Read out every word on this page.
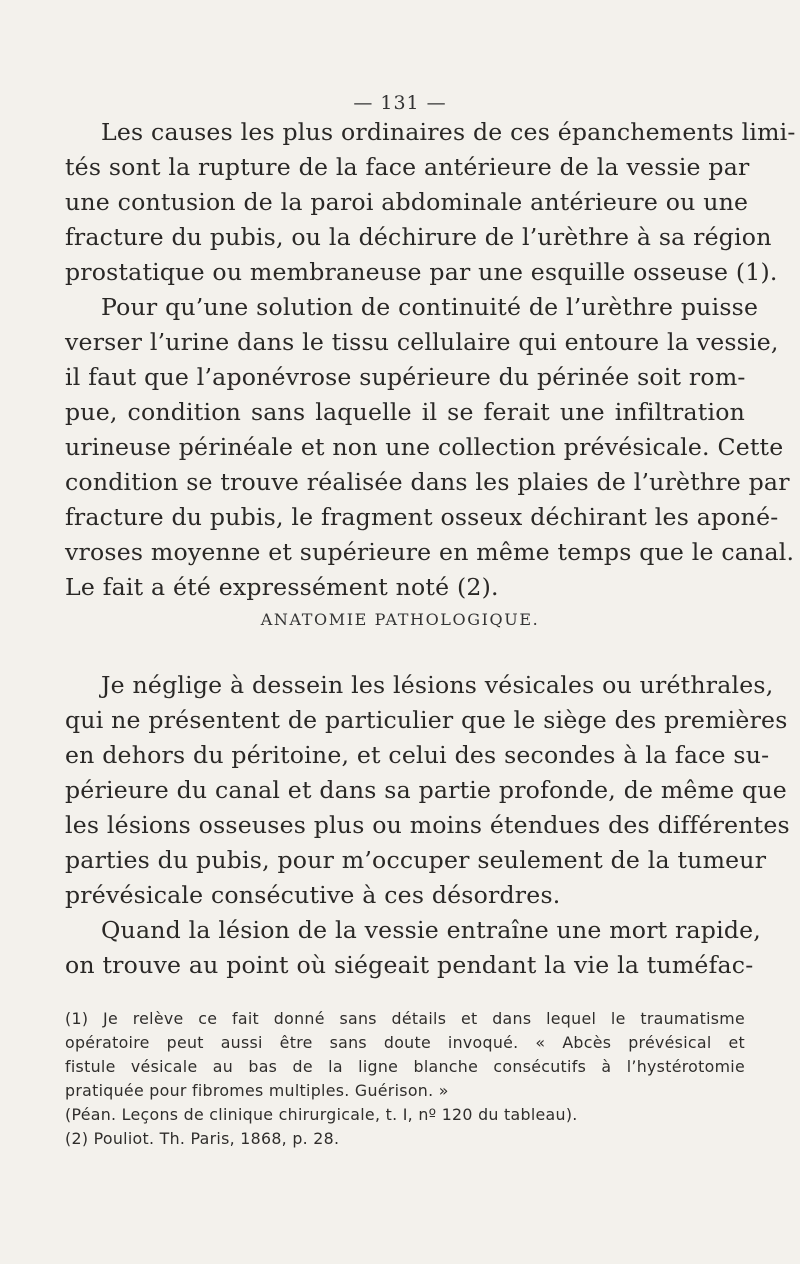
— 131 —
Les causes les plus ordinaires de ces épanchements limi-
tés sont la rupture de la face antérieure de la vessie par
une contusion de la paroi abdominale antérieure ou une
fracture du pubis, ou la déchirure de l’urèthre à sa région
prostatique ou membraneuse par une esquille osseuse (1).
Pour qu’une solution de continuité de l’urèthre puisse
verser l’urine dans le tissu cellulaire qui entoure la vessie,
il faut que l’aponévrose supérieure du périnée soit rom-
pue, condition sans laquelle il se ferait une infiltration
urineuse périnéale et non une collection prévésicale. Cette
condition se trouve réalisée dans les plaies de l’urèthre par
fracture du pubis, le fragment osseux déchirant les aponé-
vroses moyenne et supérieure en même temps que le canal.
Le fait a été expressément noté (2).
ANATOMIE PATHOLOGIQUE.
Je néglige à dessein les lésions vésicales ou uréthrales,
qui ne présentent de particulier que le siège des premières
en dehors du péritoine, et celui des secondes à la face su-
périeure du canal et dans sa partie profonde, de même que
les lésions osseuses plus ou moins étendues des différentes
parties du pubis, pour m’occuper seulement de la tumeur
prévésicale consécutive à ces désordres.
Quand la lésion de la vessie entraîne une mort rapide,
on trouve au point où siégeait pendant la vie la tuméfac-
(1) Je relève ce fait donné sans détails et dans lequel le traumatisme
opératoire peut aussi être sans doute invoqué. « Abcès prévésical et
fistule vésicale au bas de la ligne blanche consécutifs à l’hystérotomie
pratiquée pour fibromes multiples. Guérison. »
(Péan. Leçons de clinique chirurgicale, t. I, nº 120 du tableau).
(2) Pouliot. Th. Paris, 1868, p. 28.
